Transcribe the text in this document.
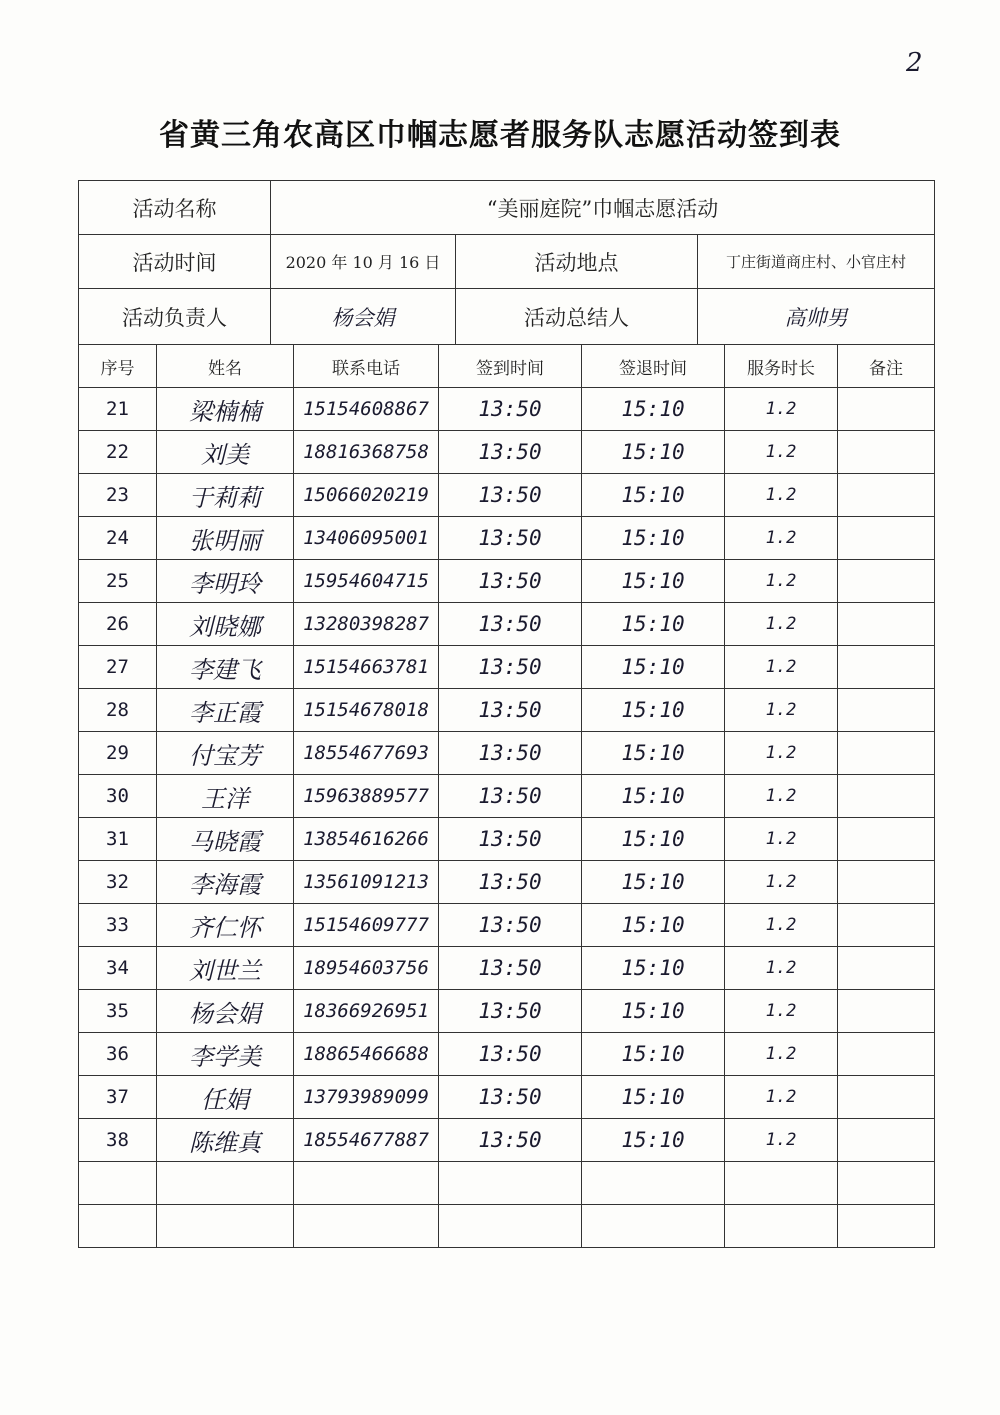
2
省黄三角农高区巾帼志愿者服务队志愿活动签到表
活动名称	“美丽庭院”巾帼志愿活动		
活动时间	2020 年 10 月 16 日	活动地点	丁庄街道商庄村、小官庄村
活动负责人	杨会娟	活动总结人	高帅男
序号	姓名	联系电话	签到时间	签退时间	服务时长	备注
21	梁楠楠	15154608867	13:50	15:10	1.2	
22	刘美	18816368758	13:50	15:10	1.2	
23	于莉莉	15066020219	13:50	15:10	1.2	
24	张明丽	13406095001	13:50	15:10	1.2	
25	李明玲	15954604715	13:50	15:10	1.2	
26	刘晓娜	13280398287	13:50	15:10	1.2	
27	李建飞	15154663781	13:50	15:10	1.2	
28	李正霞	15154678018	13:50	15:10	1.2	
29	付宝芳	18554677693	13:50	15:10	1.2	
30	王洋	15963889577	13:50	15:10	1.2	
31	马晓霞	13854616266	13:50	15:10	1.2	
32	李海霞	13561091213	13:50	15:10	1.2	
33	齐仁怀	15154609777	13:50	15:10	1.2	
34	刘世兰	18954603756	13:50	15:10	1.2	
35	杨会娟	18366926951	13:50	15:10	1.2	
36	李学美	18865466688	13:50	15:10	1.2	
37	任娟	13793989099	13:50	15:10	1.2	
38	陈维真	18554677887	13:50	15:10	1.2	
